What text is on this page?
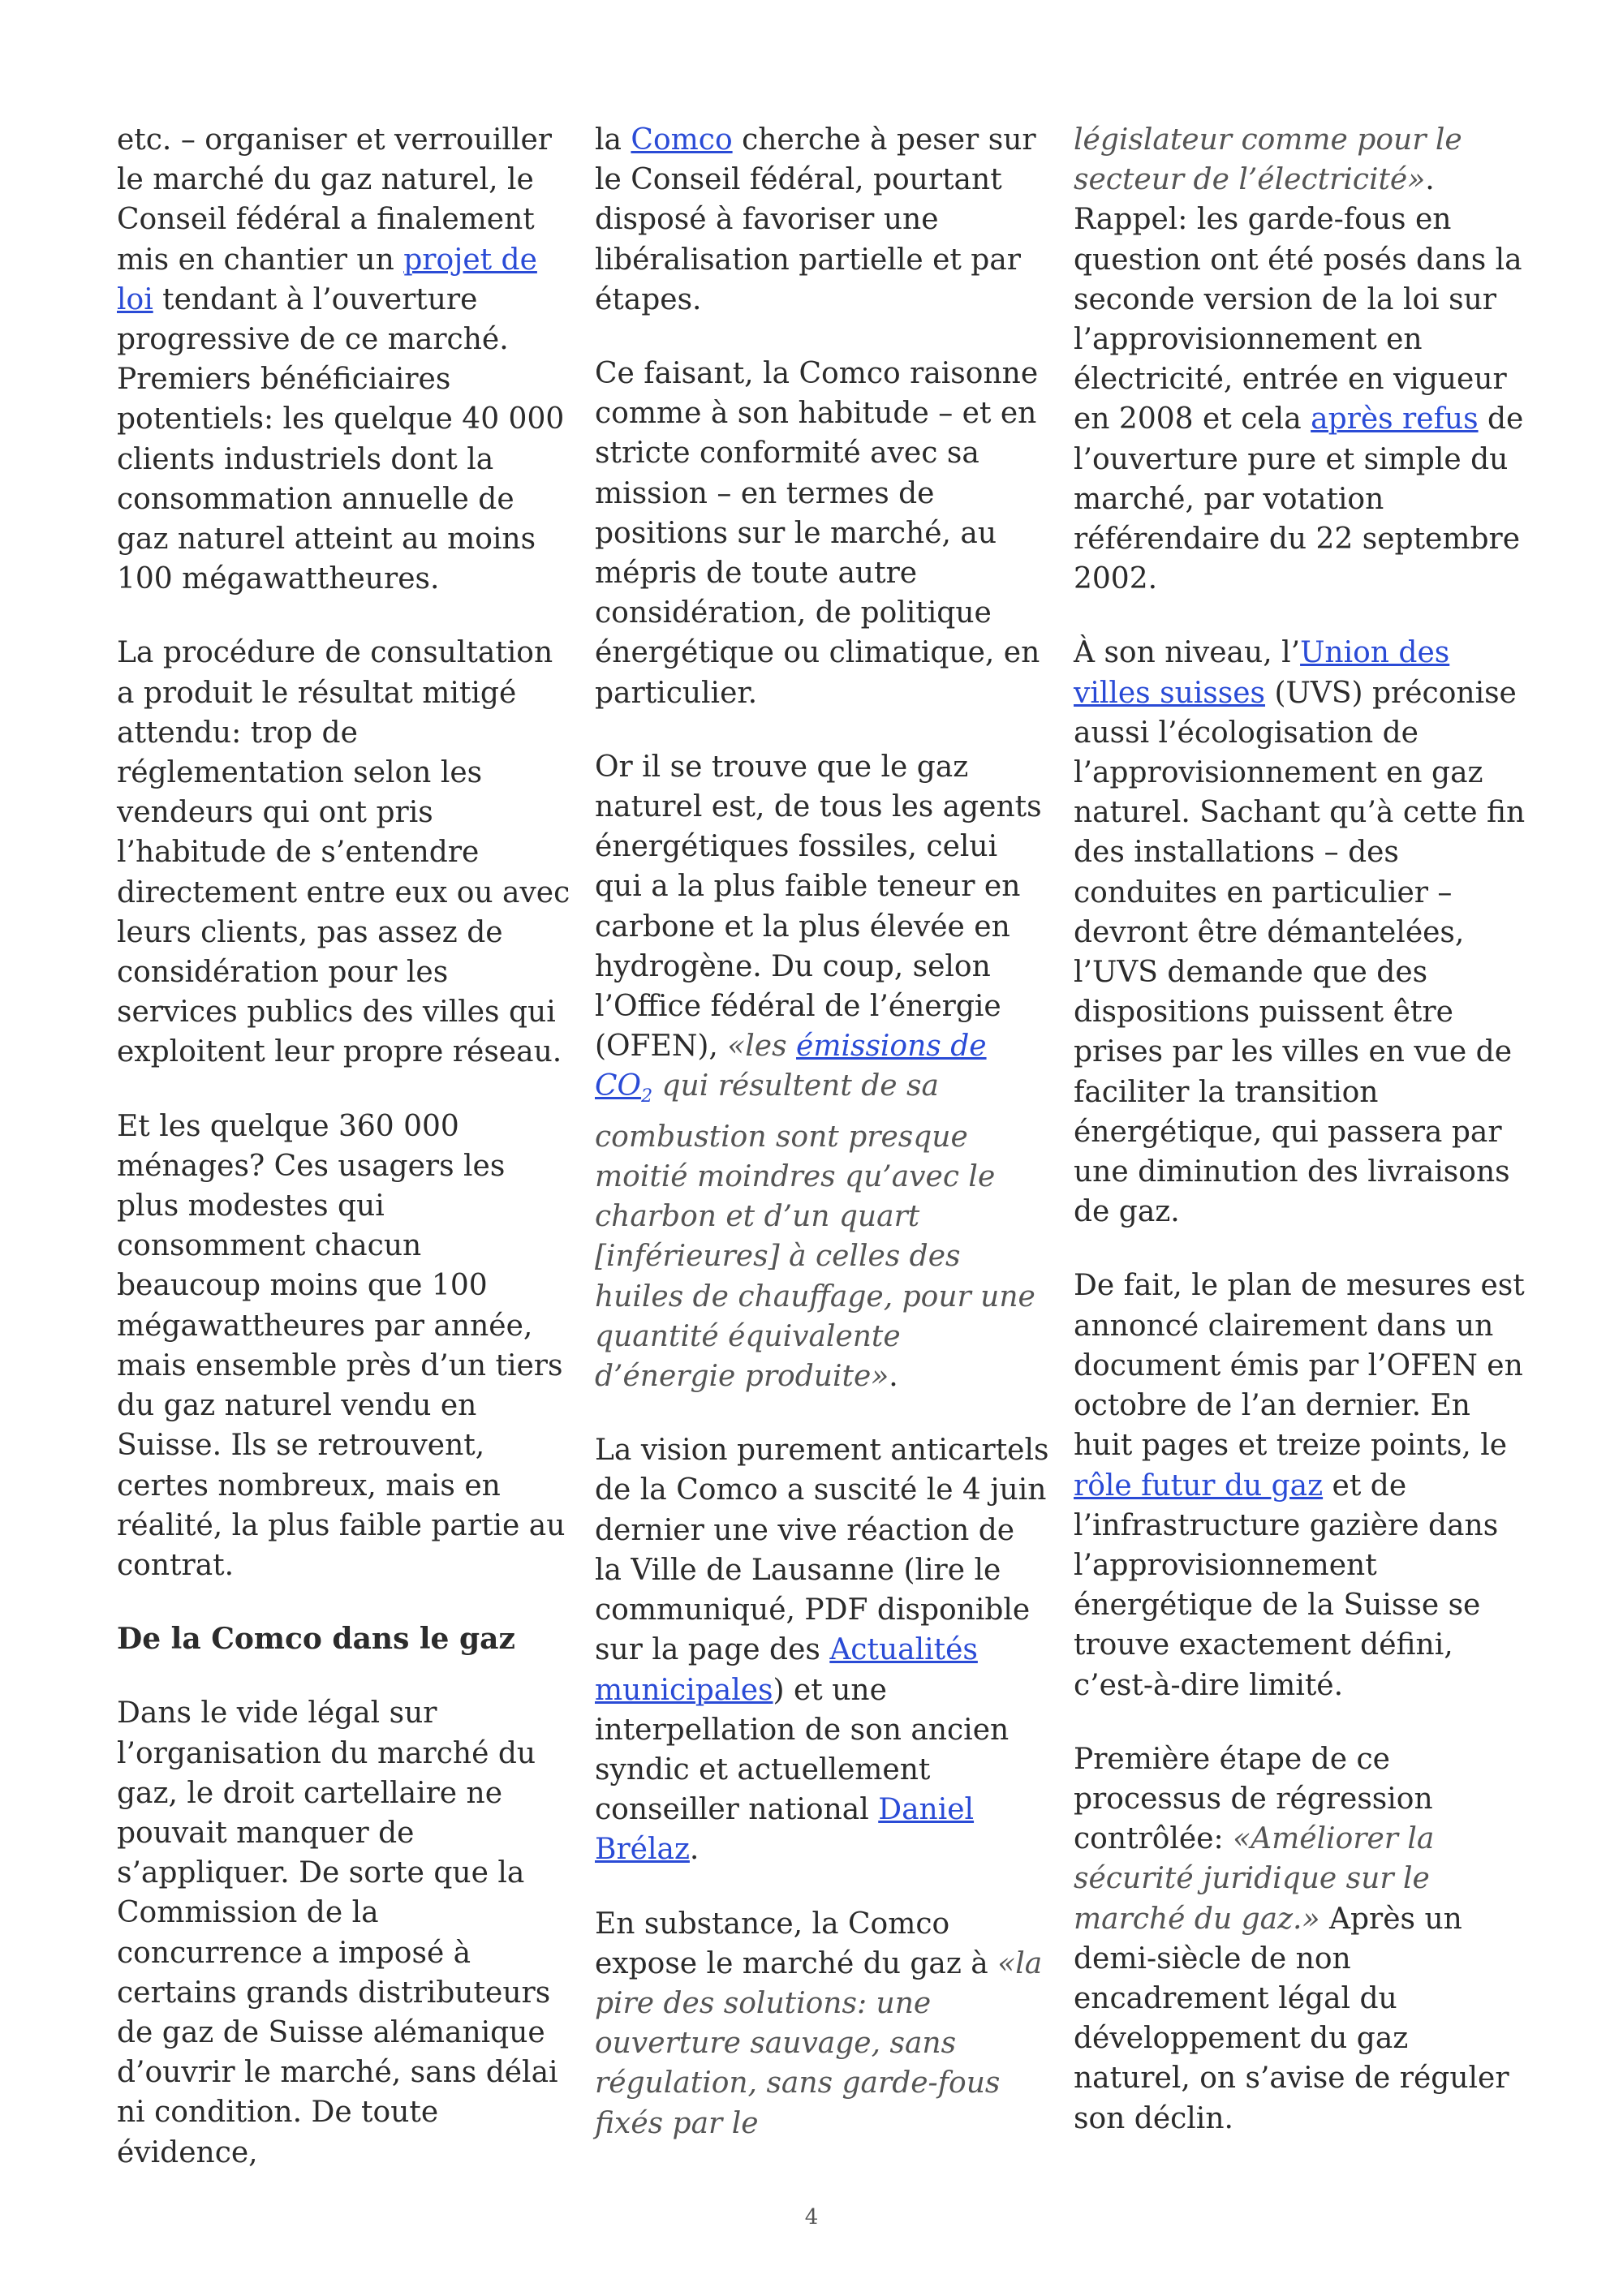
etc. – organiser et verrouiller le marché du gaz naturel, le Conseil fédéral a finalement mis en chantier un projet de loi tendant à l’ouverture progressive de ce marché. Premiers bénéficiaires potentiels: les quelque 40 000 clients industriels dont la consommation annuelle de gaz naturel atteint au moins 100 mégawattheures.

La procédure de consultation a produit le résultat mitigé attendu: trop de réglementation selon les vendeurs qui ont pris l’habitude de s’entendre directement entre eux ou avec leurs clients, pas assez de considération pour les services publics des villes qui exploitent leur propre réseau.

Et les quelque 360 000 ménages? Ces usagers les plus modestes qui consomment chacun beaucoup moins que 100 mégawattheures par année, mais ensemble près d’un tiers du gaz naturel vendu en Suisse. Ils se retrouvent, certes nombreux, mais en réalité, la plus faible partie au contrat.

De la Comco dans le gaz

Dans le vide légal sur l’organisation du marché du gaz, le droit cartellaire ne pouvait manquer de s’appliquer. De sorte que la Commission de la concurrence a imposé à certains grands distributeurs de gaz de Suisse alémanique d’ouvrir le marché, sans délai ni condition. De toute évidence,

la Comco cherche à peser sur le Conseil fédéral, pourtant disposé à favoriser une libéralisation partielle et par étapes.

Ce faisant, la Comco raisonne comme à son habitude – et en stricte conformité avec sa mission – en termes de positions sur le marché, au mépris de toute autre considération, de politique énergétique ou climatique, en particulier.

Or il se trouve que le gaz naturel est, de tous les agents énergétiques fossiles, celui qui a la plus faible teneur en carbone et la plus élevée en hydrogène. Du coup, selon l’Office fédéral de l’énergie (OFEN), «les émissions de $CO_2$ qui résultent de sa combustion sont presque moitié moindres qu’avec le charbon et d’un quart [inférieures] à celles des huiles de chauffage, pour une quantité équivalente d’énergie produite».

La vision purement anticartels de la Comco a suscité le 4 juin dernier une vive réaction de la Ville de Lausanne (lire le communiqué, PDF disponible sur la page des Actualités municipales) et une interpellation de son ancien syndic et actuellement conseiller national Daniel Brélaz.

En substance, la Comco expose le marché du gaz à «la pire des solutions: une ouverture sauvage, sans régulation, sans garde-fous fixés par le

législateur comme pour le secteur de l’électricité». Rappel: les garde-fous en question ont été posés dans la seconde version de la loi sur l’approvisionnement en électricité, entrée en vigueur en 2008 et cela après refus de l’ouverture pure et simple du marché, par votation référendaire du 22 septembre 2002.

À son niveau, l’Union des villes suisses (UVS) préconise aussi l’écologisation de l’approvisionnement en gaz naturel. Sachant qu’à cette fin des installations – des conduites en particulier – devront être démantelées, l’UVS demande que des dispositions puissent être prises par les villes en vue de faciliter la transition énergétique, qui passera par une diminution des livraisons de gaz.

De fait, le plan de mesures est annoncé clairement dans un document émis par l’OFEN en octobre de l’an dernier. En huit pages et treize points, le rôle futur du gaz et de l’infrastructure gazière dans l’approvisionnement énergétique de la Suisse se trouve exactement défini, c’est-à-dire limité.

Première étape de ce processus de régression contrôlée: «Améliorer la sécurité juridique sur le marché du gaz.» Après un demi-siècle de non encadrement légal du développement du gaz naturel, on s’avise de réguler son déclin.

4
